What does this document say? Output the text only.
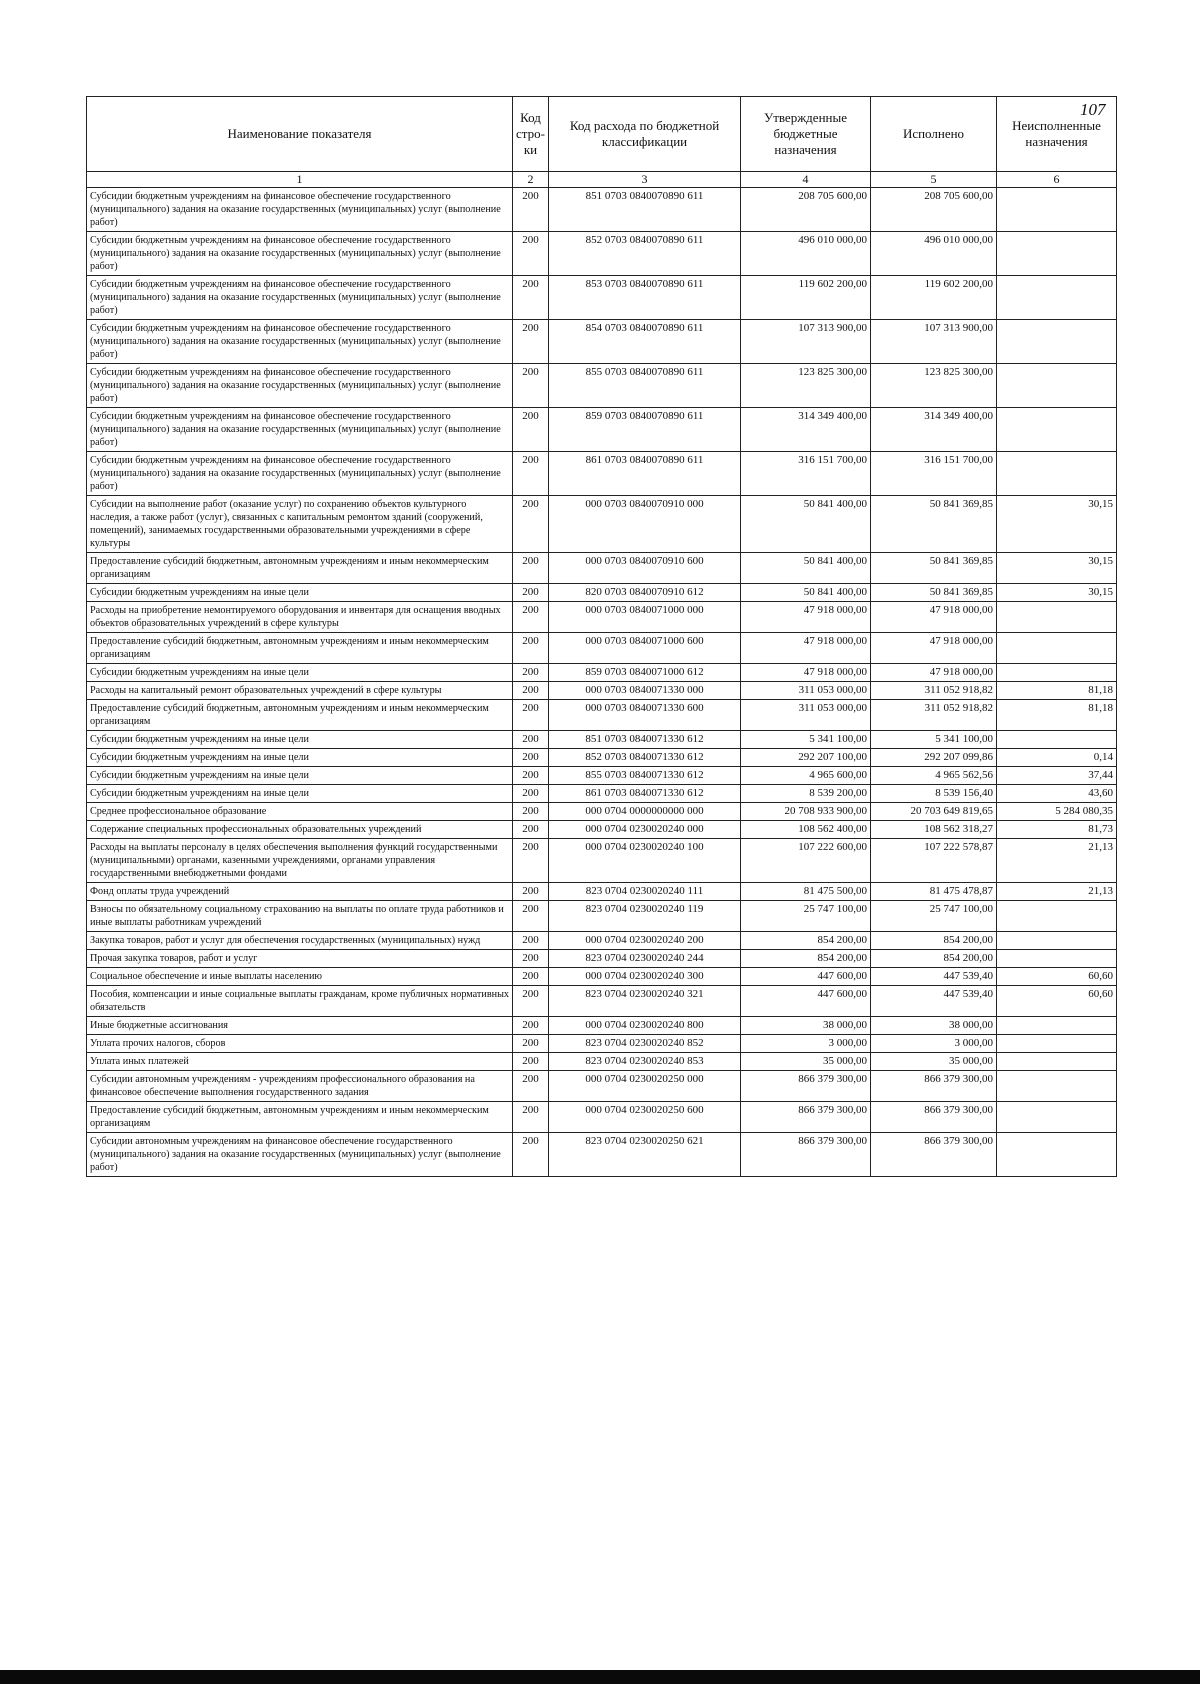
107
Наименование показателя	Код стро-ки	Код расхода по бюджетной классификации	Утвержденные бюджетные назначения	Исполнено	Неисполненные назначения
1	2	3	4	5	6
Субсидии бюджетным учреждениям на финансовое обеспечение государственного (муниципального) задания на оказание государственных (муниципальных) услуг (выполнение работ)	200	851 0703 0840070890 611	208 705 600,00	208 705 600,00	
Субсидии бюджетным учреждениям на финансовое обеспечение государственного (муниципального) задания на оказание государственных (муниципальных) услуг (выполнение работ)	200	852 0703 0840070890 611	496 010 000,00	496 010 000,00	
Субсидии бюджетным учреждениям на финансовое обеспечение государственного (муниципального) задания на оказание государственных (муниципальных) услуг (выполнение работ)	200	853 0703 0840070890 611	119 602 200,00	119 602 200,00	
Субсидии бюджетным учреждениям на финансовое обеспечение государственного (муниципального) задания на оказание государственных (муниципальных) услуг (выполнение работ)	200	854 0703 0840070890 611	107 313 900,00	107 313 900,00	
Субсидии бюджетным учреждениям на финансовое обеспечение государственного (муниципального) задания на оказание государственных (муниципальных) услуг (выполнение работ)	200	855 0703 0840070890 611	123 825 300,00	123 825 300,00	
Субсидии бюджетным учреждениям на финансовое обеспечение государственного (муниципального) задания на оказание государственных (муниципальных) услуг (выполнение работ)	200	859 0703 0840070890 611	314 349 400,00	314 349 400,00	
Субсидии бюджетным учреждениям на финансовое обеспечение государственного (муниципального) задания на оказание государственных (муниципальных) услуг (выполнение работ)	200	861 0703 0840070890 611	316 151 700,00	316 151 700,00	
Субсидии на выполнение работ (оказание услуг) по сохранению объектов культурного наследия, а также работ (услуг), связанных с капитальным ремонтом зданий (сооружений, помещений), занимаемых государственными образовательными учреждениями в сфере культуры	200	000 0703 0840070910 000	50 841 400,00	50 841 369,85	30,15
Предоставление субсидий бюджетным, автономным учреждениям и иным некоммерческим организациям	200	000 0703 0840070910 600	50 841 400,00	50 841 369,85	30,15
Субсидии бюджетным учреждениям на иные цели	200	820 0703 0840070910 612	50 841 400,00	50 841 369,85	30,15
Расходы на приобретение немонтируемого оборудования и инвентаря для оснащения вводных объектов образовательных учреждений в сфере культуры	200	000 0703 0840071000 000	47 918 000,00	47 918 000,00	
Предоставление субсидий бюджетным, автономным учреждениям и иным некоммерческим организациям	200	000 0703 0840071000 600	47 918 000,00	47 918 000,00	
Субсидии бюджетным учреждениям на иные цели	200	859 0703 0840071000 612	47 918 000,00	47 918 000,00	
Расходы на капитальный ремонт образовательных учреждений в сфере культуры	200	000 0703 0840071330 000	311 053 000,00	311 052 918,82	81,18
Предоставление субсидий бюджетным, автономным учреждениям и иным некоммерческим организациям	200	000 0703 0840071330 600	311 053 000,00	311 052 918,82	81,18
Субсидии бюджетным учреждениям на иные цели	200	851 0703 0840071330 612	5 341 100,00	5 341 100,00	
Субсидии бюджетным учреждениям на иные цели	200	852 0703 0840071330 612	292 207 100,00	292 207 099,86	0,14
Субсидии бюджетным учреждениям на иные цели	200	855 0703 0840071330 612	4 965 600,00	4 965 562,56	37,44
Субсидии бюджетным учреждениям на иные цели	200	861 0703 0840071330 612	8 539 200,00	8 539 156,40	43,60
Среднее профессиональное образование	200	000 0704 0000000000 000	20 708 933 900,00	20 703 649 819,65	5 284 080,35
Содержание специальных профессиональных образовательных учреждений	200	000 0704 0230020240 000	108 562 400,00	108 562 318,27	81,73
Расходы на выплаты персоналу в целях обеспечения выполнения функций государственными (муниципальными) органами, казенными учреждениями, органами управления государственными внебюджетными фондами	200	000 0704 0230020240 100	107 222 600,00	107 222 578,87	21,13
Фонд оплаты труда учреждений	200	823 0704 0230020240 111	81 475 500,00	81 475 478,87	21,13
Взносы по обязательному социальному страхованию на выплаты по оплате труда работников и иные выплаты работникам учреждений	200	823 0704 0230020240 119	25 747 100,00	25 747 100,00	
Закупка товаров, работ и услуг для обеспечения государственных (муниципальных) нужд	200	000 0704 0230020240 200	854 200,00	854 200,00	
Прочая закупка товаров, работ и услуг	200	823 0704 0230020240 244	854 200,00	854 200,00	
Социальное обеспечение и иные выплаты населению	200	000 0704 0230020240 300	447 600,00	447 539,40	60,60
Пособия, компенсации и иные социальные выплаты гражданам, кроме публичных нормативных обязательств	200	823 0704 0230020240 321	447 600,00	447 539,40	60,60
Иные бюджетные ассигнования	200	000 0704 0230020240 800	38 000,00	38 000,00	
Уплата прочих налогов, сборов	200	823 0704 0230020240 852	3 000,00	3 000,00	
Уплата иных платежей	200	823 0704 0230020240 853	35 000,00	35 000,00	
Субсидии автономным учреждениям - учреждениям профессионального образования на финансовое обеспечение выполнения государственного задания	200	000 0704 0230020250 000	866 379 300,00	866 379 300,00	
Предоставление субсидий бюджетным, автономным учреждениям и иным некоммерческим организациям	200	000 0704 0230020250 600	866 379 300,00	866 379 300,00	
Субсидии автономным учреждениям на финансовое обеспечение государственного (муниципального) задания на оказание государственных (муниципальных) услуг (выполнение работ)	200	823 0704 0230020250 621	866 379 300,00	866 379 300,00	
